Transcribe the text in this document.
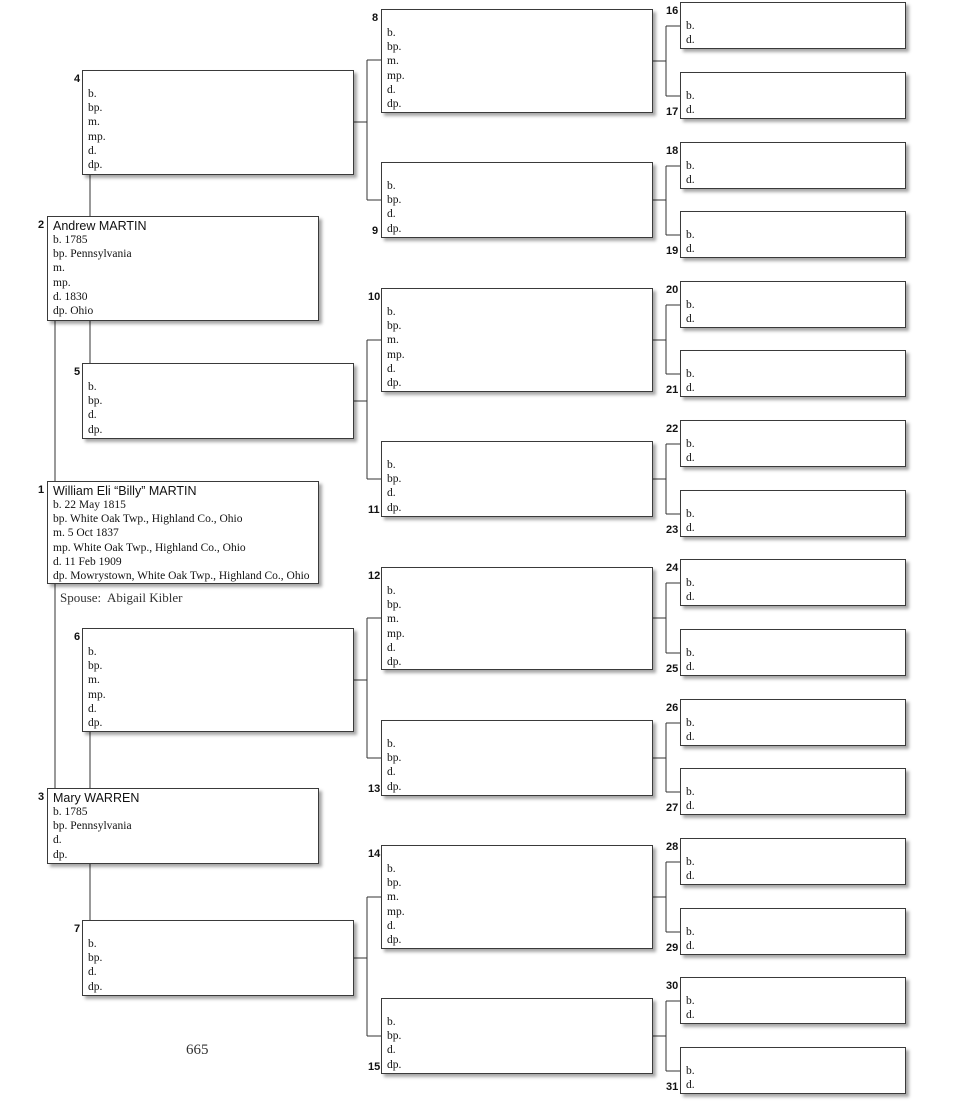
Spouse: Abigail Kibler
665
1 William Eli “Billy” MARTIN
b. 22 May 1815
bp. White Oak Twp., Highland Co., Ohio
m. 5 Oct 1837
mp. White Oak Twp., Highland Co., Ohio
d. 11 Feb 1909
dp. Mowrystown, White Oak Twp., Highland Co., Ohio
2 Andrew MARTIN
b. 1785
bp. Pennsylvania
m.
mp.
d. 1830
dp. Ohio
3 Mary WARREN
b. 1785
bp. Pennsylvania
d.
dp.
4
b.
bp.
m.
mp.
d.
dp.
5
b.
bp.
d.
dp.
6
b.
bp.
m.
mp.
d.
dp.
7
b.
bp.
d.
dp.
8
b.
bp.
m.
mp.
d.
dp.
9
b.
bp.
d.
dp.
10
b.
bp.
m.
mp.
d.
dp.
11
b.
bp.
d.
dp.
12
b.
bp.
m.
mp.
d.
dp.
13
b.
bp.
d.
dp.
14
b.
bp.
m.
mp.
d.
dp.
15
b.
bp.
d.
dp.
16
b.
d.
17
b.
d.
18
b.
d.
19
b.
d.
20
b.
d.
21
b.
d.
22
b.
d.
23
b.
d.
24
b.
d.
25
b.
d.
26
b.
d.
27
b.
d.
28
b.
d.
29
b.
d.
30
b.
d.
31
b.
d.
